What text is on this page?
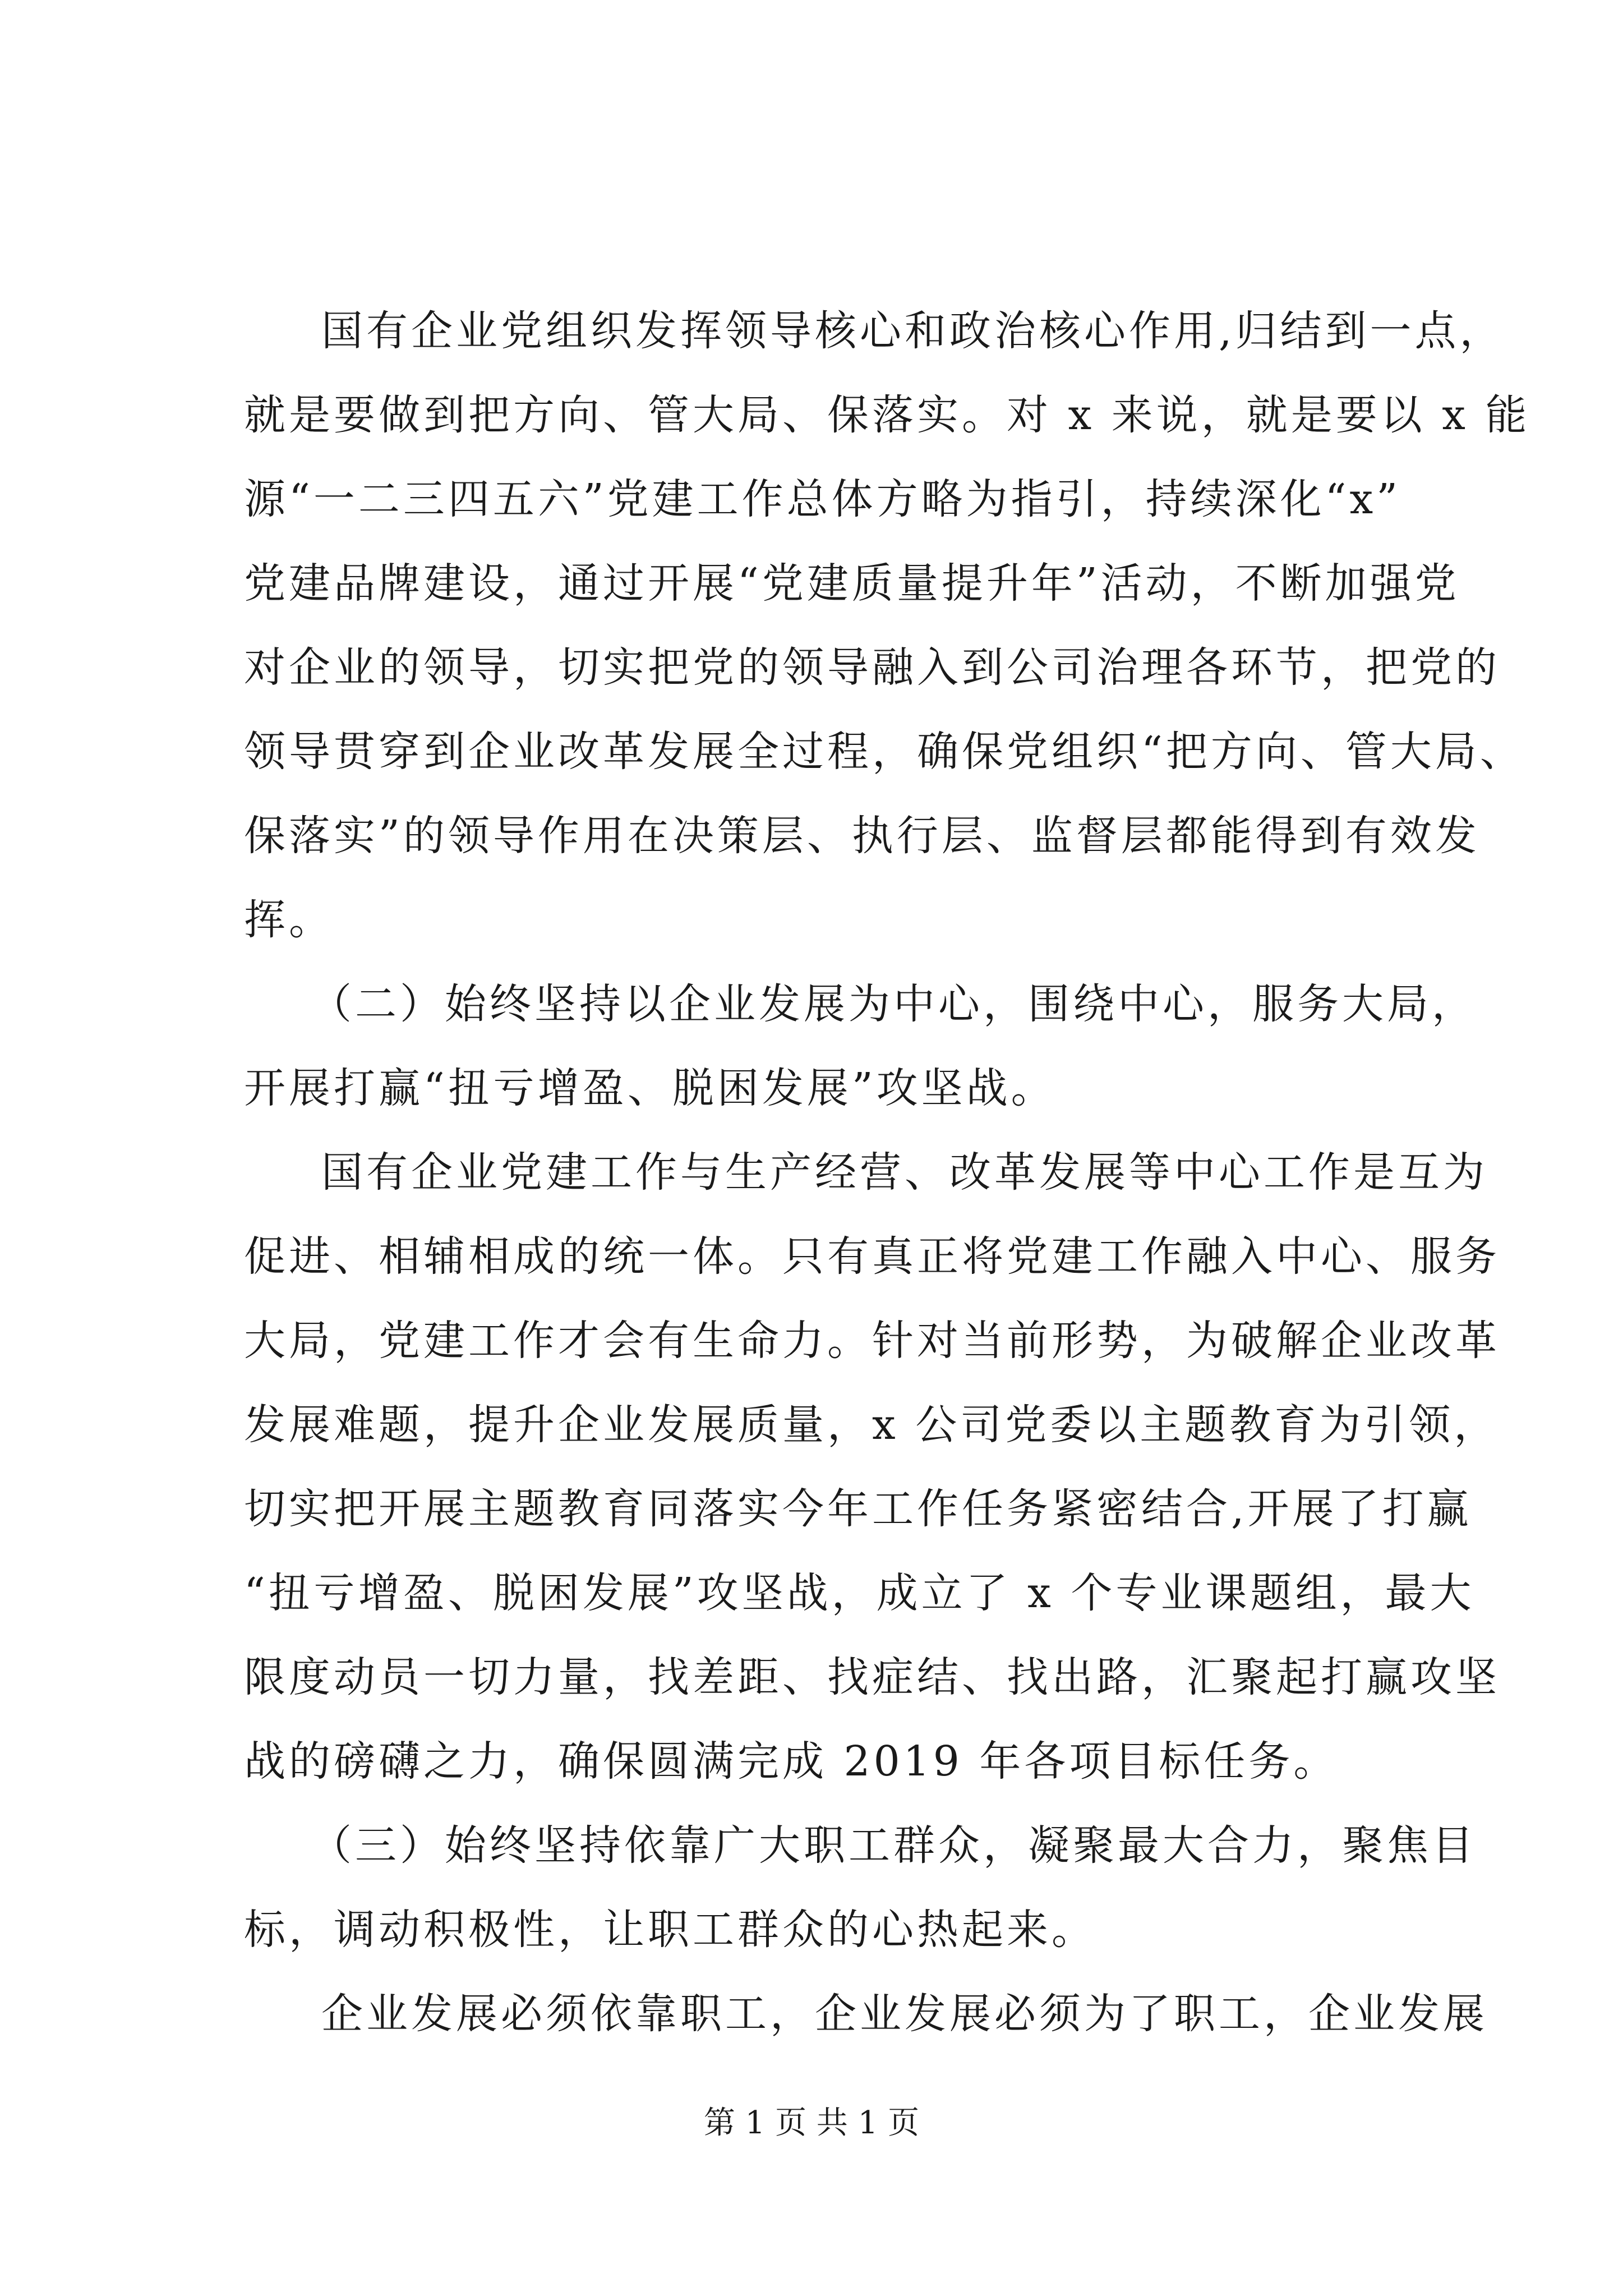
国有企业党组织发挥领导核心和政治核心作用,归结到一点，
就是要做到把方向、管大局、保落实。对 x 来说，就是要以 x 能
源“一二三四五六”党建工作总体方略为指引，持续深化“x”
党建品牌建设，通过开展“党建质量提升年”活动，不断加强党
对企业的领导，切实把党的领导融入到公司治理各环节，把党的
领导贯穿到企业改革发展全过程，确保党组织“把方向、管大局、
保落实”的领导作用在决策层、执行层、监督层都能得到有效发
挥。
（二）始终坚持以企业发展为中心，围绕中心，服务大局，
开展打赢“扭亏增盈、脱困发展”攻坚战。
国有企业党建工作与生产经营、改革发展等中心工作是互为
促进、相辅相成的统一体。只有真正将党建工作融入中心、服务
大局，党建工作才会有生命力。针对当前形势，为破解企业改革
发展难题，提升企业发展质量，x 公司党委以主题教育为引领，
切实把开展主题教育同落实今年工作任务紧密结合,开展了打赢
“扭亏增盈、脱困发展”攻坚战，成立了 x 个专业课题组，最大
限度动员一切力量，找差距、找症结、找出路，汇聚起打赢攻坚
战的磅礴之力，确保圆满完成 2019 年各项目标任务。
（三）始终坚持依靠广大职工群众，凝聚最大合力，聚焦目
标，调动积极性，让职工群众的心热起来。
企业发展必须依靠职工，企业发展必须为了职工，企业发展
第 1 页 共 1 页
